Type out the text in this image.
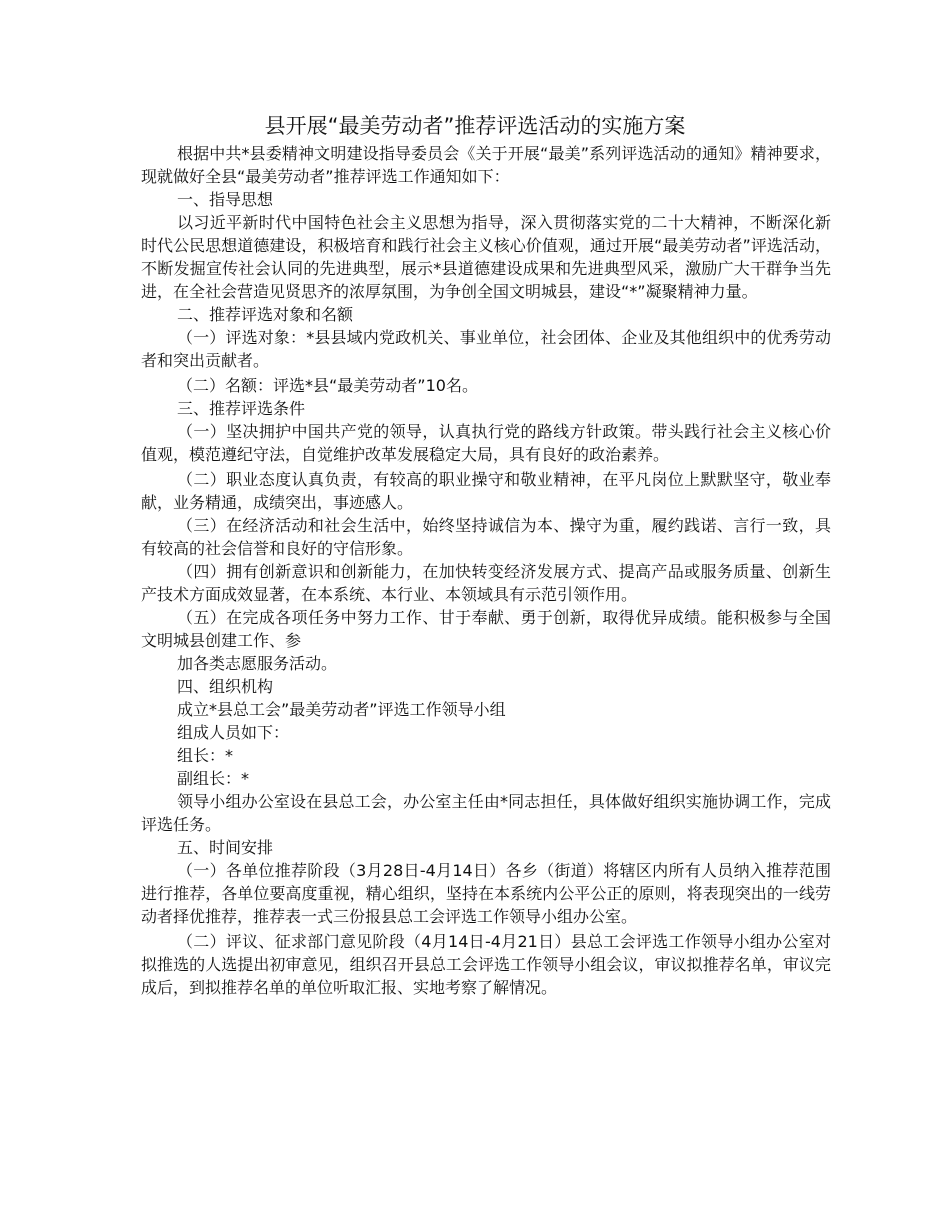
县开展“最美劳动者”推荐评选活动的实施方案

根据中共*县委精神文明建设指导委员会《关于开展“最美”系列评选活动的通知》精神要求，现就做好全县“最美劳动者”推荐评选工作通知如下：

一、指导思想

以习近平新时代中国特色社会主义思想为指导，深入贯彻落实党的二十大精神，不断深化新时代公民思想道德建设，积极培育和践行社会主义核心价值观，通过开展“最美劳动者”评选活动，不断发掘宣传社会认同的先进典型，展示*县道德建设成果和先进典型风采，激励广大干群争当先进，在全社会营造见贤思齐的浓厚氛围，为争创全国文明城县，建设“*”凝聚精神力量。

二、推荐评选对象和名额

（一）评选对象：*县县域内党政机关、事业单位，社会团体、企业及其他组织中的优秀劳动者和突出贡献者。

（二）名额：评选*县“最美劳动者”10名。

三、推荐评选条件

（一）坚决拥护中国共产党的领导，认真执行党的路线方针政策。带头践行社会主义核心价值观，模范遵纪守法，自觉维护改革发展稳定大局，具有良好的政治素养。

（二）职业态度认真负责，有较高的职业操守和敬业精神，在平凡岗位上默默坚守，敬业奉献，业务精通，成绩突出，事迹感人。

（三）在经济活动和社会生活中，始终坚持诚信为本、操守为重，履约践诺、言行一致，具有较高的社会信誉和良好的守信形象。

（四）拥有创新意识和创新能力，在加快转变经济发展方式、提高产品或服务质量、创新生产技术方面成效显著，在本系统、本行业、本领域具有示范引领作用。

（五）在完成各项任务中努力工作、甘于奉献、勇于创新，取得优异成绩。能积极参与全国文明城县创建工作、参

加各类志愿服务活动。

四、组织机构

成立*县总工会”最美劳动者”评选工作领导小组

组成人员如下：

组长：*

副组长：*

领导小组办公室设在县总工会，办公室主任由*同志担任，具体做好组织实施协调工作，完成评选任务。

五、时间安排

（一）各单位推荐阶段（3月28日-4月14日）各乡（街道）将辖区内所有人员纳入推荐范围进行推荐，各单位要高度重视，精心组织，坚持在本系统内公平公正的原则，将表现突出的一线劳动者择优推荐，推荐表一式三份报县总工会评选工作领导小组办公室。

（二）评议、征求部门意见阶段（4月14日-4月21日）县总工会评选工作领导小组办公室对拟推选的人选提出初审意见，组织召开县总工会评选工作领导小组会议，审议拟推荐名单，审议完成后，到拟推荐名单的单位听取汇报、实地考察了解情况。
